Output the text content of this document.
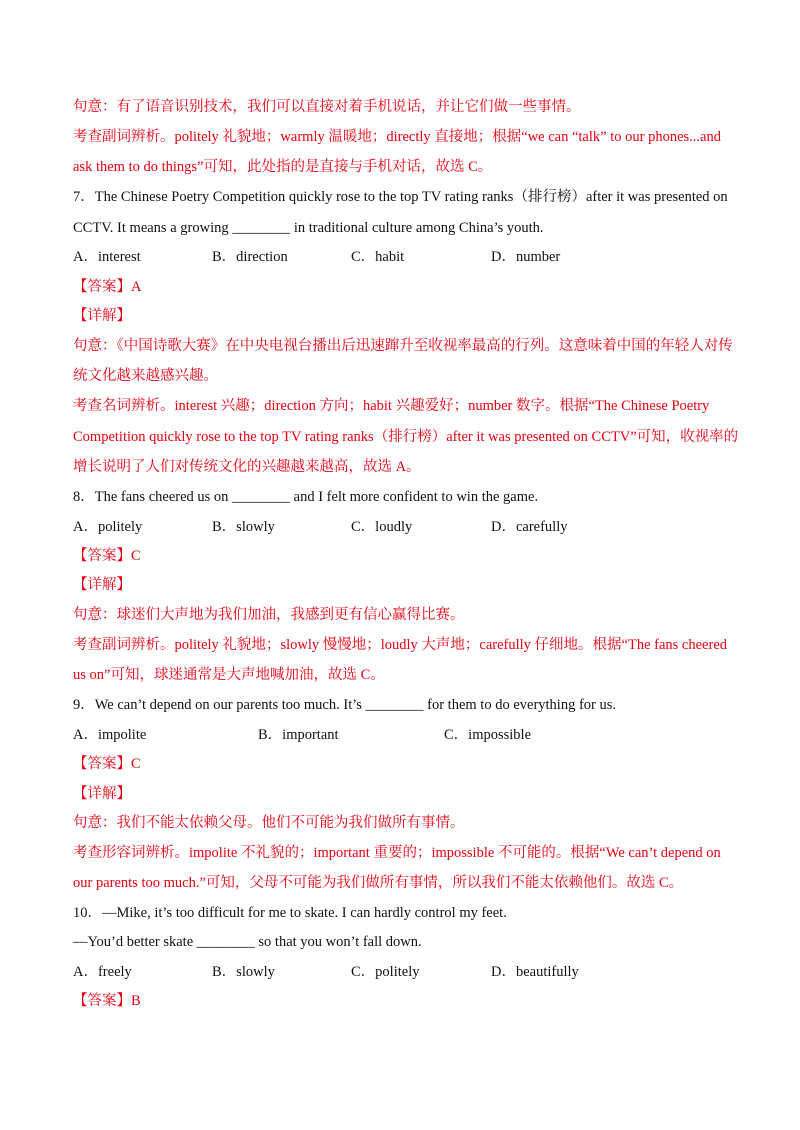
句意：有了语音识别技术，我们可以直接对着手机说话，并让它们做一些事情。
考查副词辨析。politely 礼貌地；warmly 温暖地；directly 直接地；根据“we can “talk” to our phones...and
ask them to do things”可知，此处指的是直接与手机对话，故选 C。
7．The Chinese Poetry Competition quickly rose to the top TV rating ranks（排行榜）after it was presented on
CCTV. It means a growing ________ in traditional culture among China’s youth.
A．interest	B．direction	C．habit	D．number
【答案】A
【详解】
句意：《中国诗歌大赛》在中央电视台播出后迅速蹿升至收视率最高的行列。这意味着中国的年轻人对传
统文化越来越感兴趣。
考查名词辨析。interest 兴趣；direction 方向；habit 兴趣爱好；number 数字。根据“The Chinese Poetry
Competition quickly rose to the top TV rating ranks（排行榜）after it was presented on CCTV”可知，收视率的
增长说明了人们对传统文化的兴趣越来越高，故选 A。
8．The fans cheered us on ________ and I felt more confident to win the game.
A．politely	B．slowly	C．loudly	D．carefully
【答案】C
【详解】
句意：球迷们大声地为我们加油，我感到更有信心赢得比赛。
考查副词辨析。politely 礼貌地；slowly 慢慢地；loudly 大声地；carefully 仔细地。根据“The fans cheered
us on”可知，球迷通常是大声地喊加油，故选 C。
9．We can’t depend on our parents too much. It’s ________ for them to do everything for us.
A．impolite	B．important	C．impossible
【答案】C
【详解】
句意：我们不能太依赖父母。他们不可能为我们做所有事情。
考查形容词辨析。impolite 不礼貌的；important 重要的；impossible 不可能的。根据“We can’t depend on
our parents too much.”可知，父母不可能为我们做所有事情，所以我们不能太依赖他们。故选 C。
10．—Mike, it’s too difficult for me to skate. I can hardly control my feet.
—You’d better skate ________ so that you won’t fall down.
A．freely	B．slowly	C．politely	D．beautifully
【答案】B
